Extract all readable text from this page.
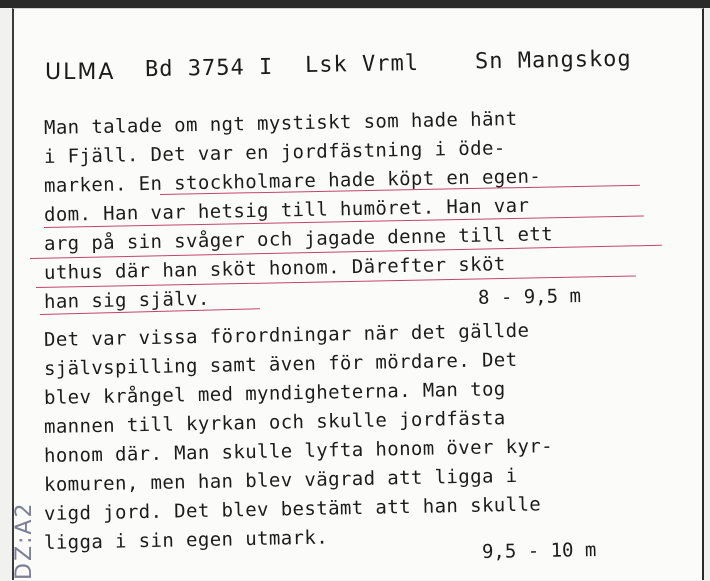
ULMA Bd 3754 I Lsk Vrml	Sn Mangskog
Man talade om ngt mystiskt som hade hänt
i Fjäll. Det var en jordfästning i öde-
marken. En stockholmare hade köpt en egen-
dom. Han var hetsig till humöret. Han var
arg på sin svåger och jagade denne till ett
uthus där han sköt honom. Därefter sköt
han sig själv.	8 - 9,5 m
Det var vissa förordningar när det gällde
självspilling samt även för mördare. Det
blev krångel med myndigheterna. Man tog
mannen till kyrkan och skulle jordfästa
honom där. Man skulle lyfta honom över kyr-
komuren, men han blev vägrad att ligga i
vigd jord. Det blev bestämt att han skulle
ligga i sin egen utmark.	9,5 - 10 m
DZ:A2
